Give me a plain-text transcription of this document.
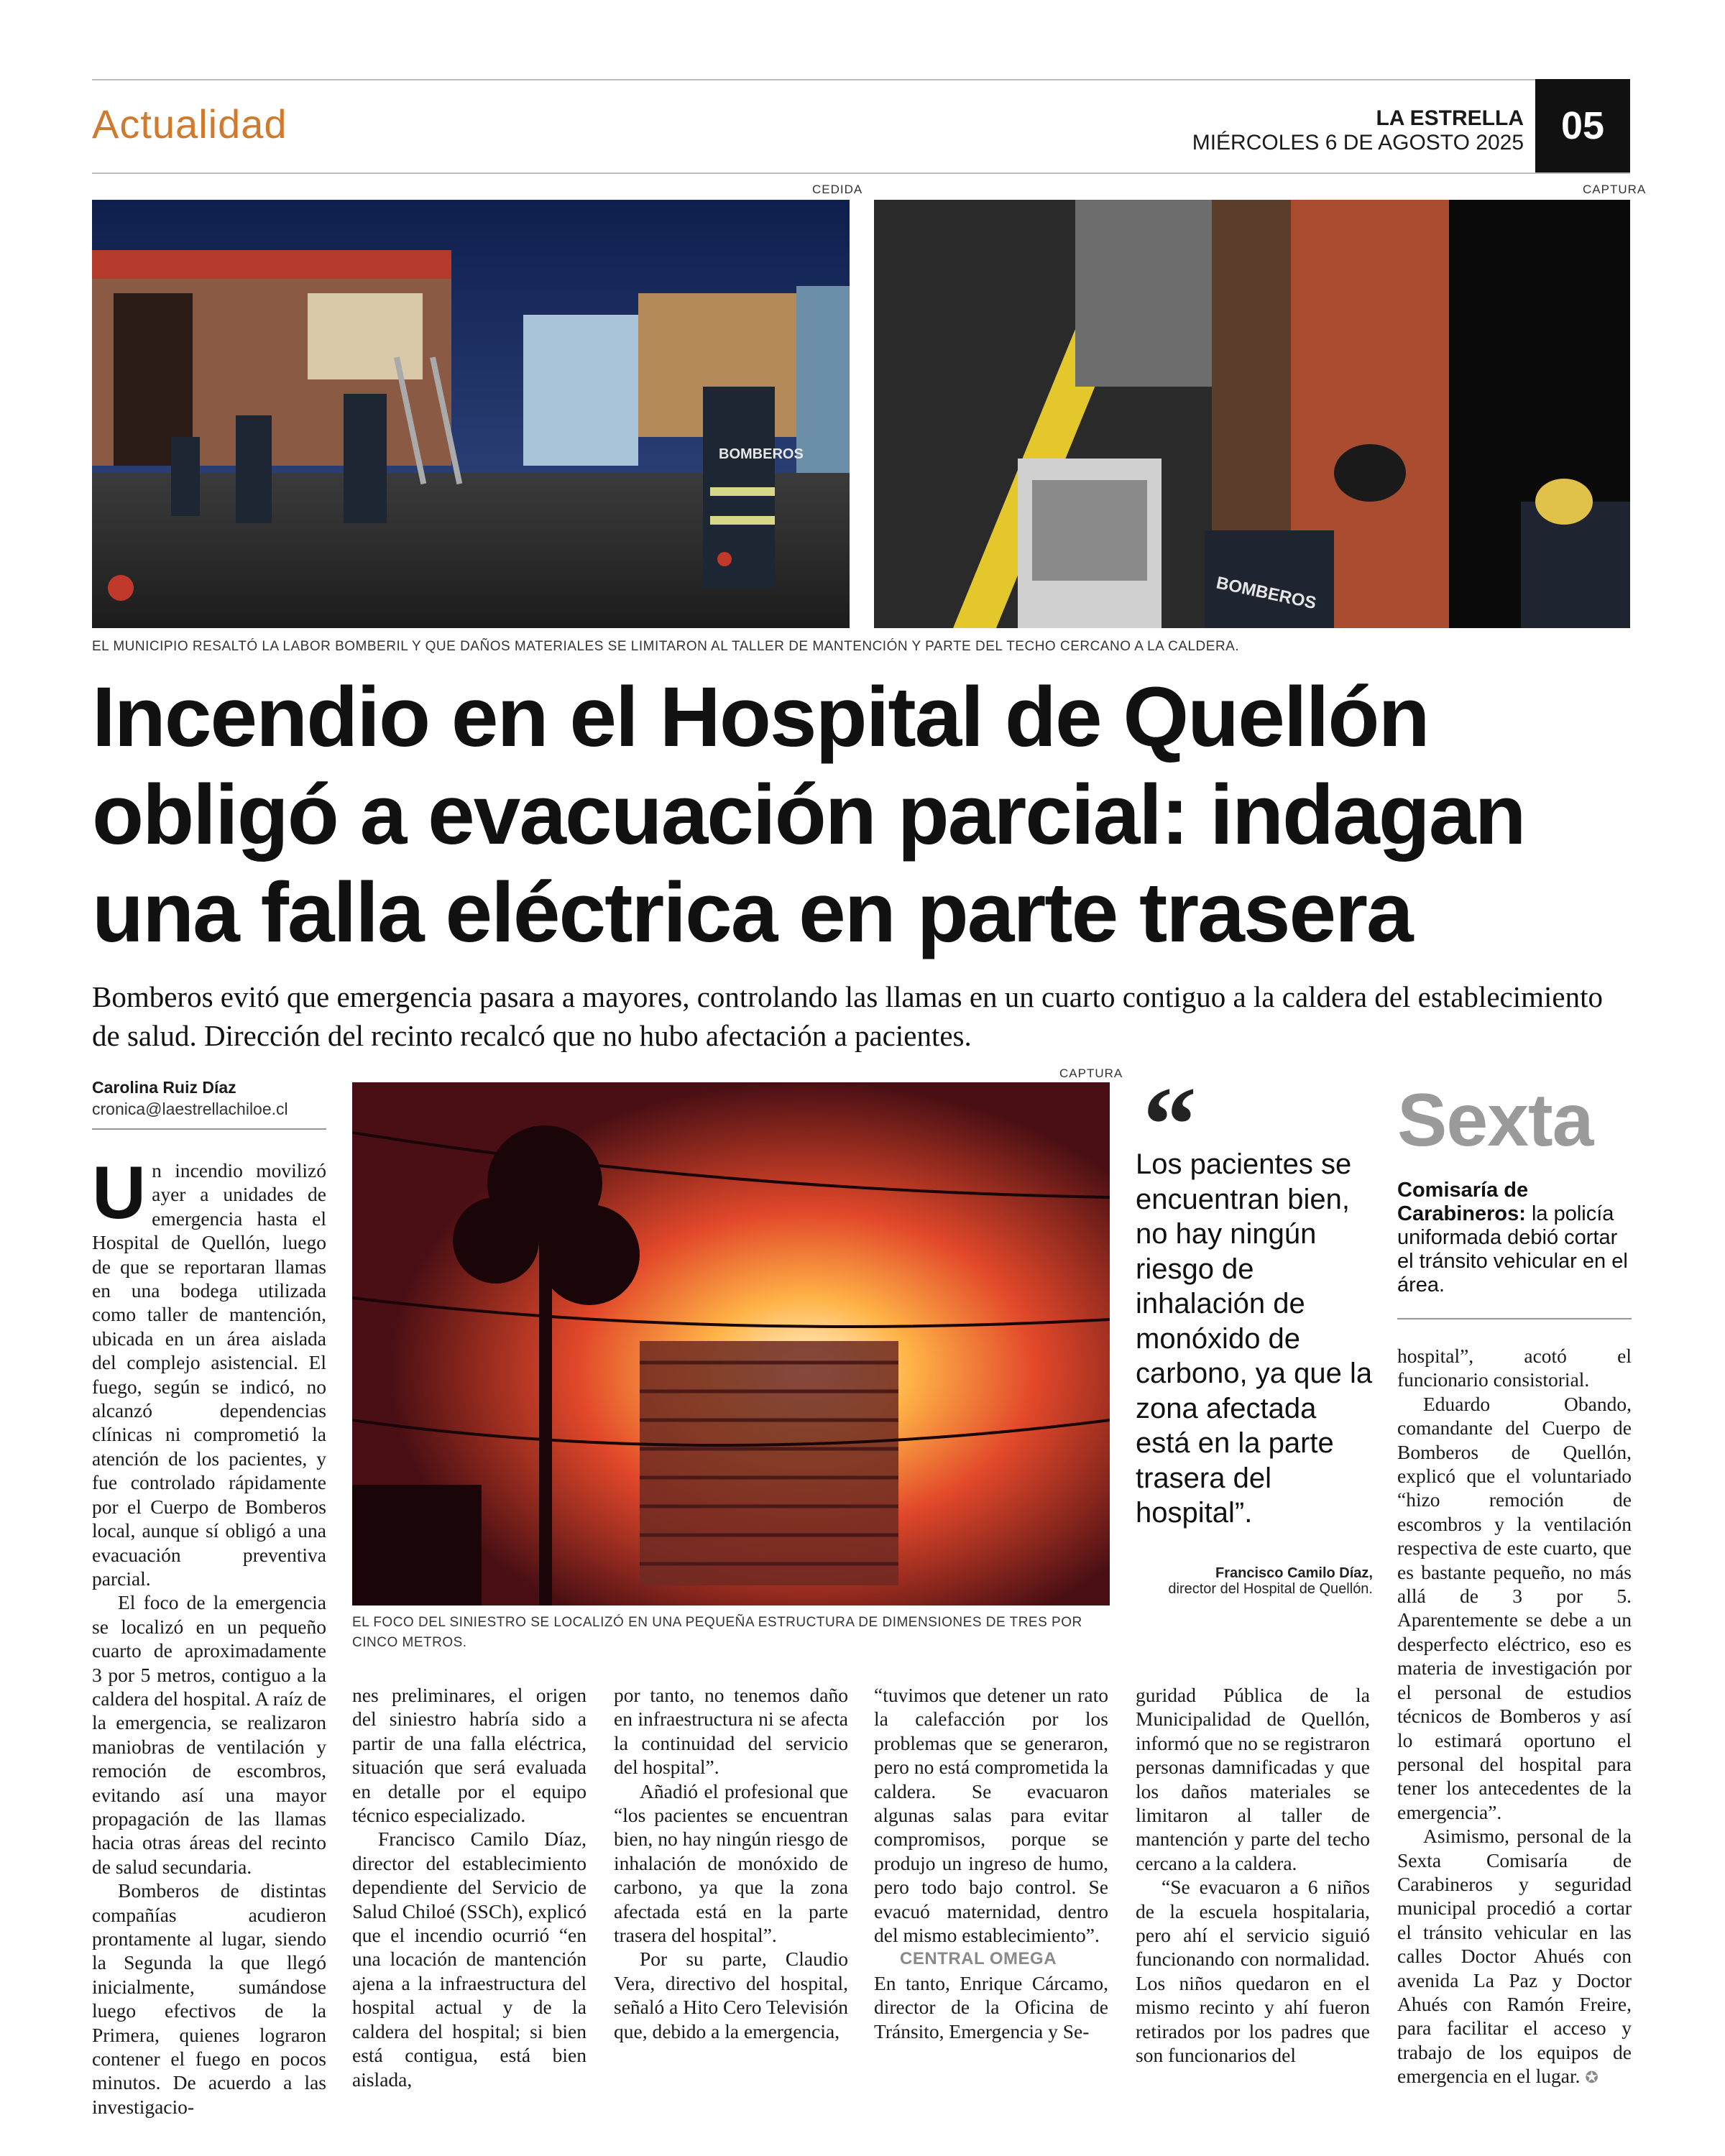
Actualidad	LA ESTRELLA
MIÉRCOLES 6 DE AGOSTO 2025 05
CEDIDA	CAPTURA
BOMBEROS
BOMBEROS
EL MUNICIPIO RESALTÓ LA LABOR BOMBERIL Y QUE DAÑOS MATERIALES SE LIMITARON AL TALLER DE MANTENCIÓN Y PARTE DEL TECHO CERCANO A LA CALDERA.
Incendio en el Hospital de Quellón obligó a evacuación parcial: indagan una falla eléctrica en parte trasera
Bomberos evitó que emergencia pasara a mayores, controlando las llamas en un cuarto contiguo a la caldera del establecimiento de salud. Dirección del recinto recalcó que no hubo afectación a pacientes.
Carolina Ruiz Díaz
cronica@laestrellachiloe.cl
CAPTURA
EL FOCO DEL SINIESTRO SE LOCALIZÓ EN UNA PEQUEÑA ESTRUCTURA DE DIMENSIONES DE TRES POR CINCO METROS.
“
Los pacientes se encuentran bien, no hay ningún riesgo de inhalación de monóxido de carbono, ya que la zona afectada está en la parte trasera del hospital”.
Francisco Camilo Díaz,
director del Hospital de Quellón.
Sexta
Comisaría de Carabineros: la policía uniformada debió cortar el tránsito vehicular en el área.

Un incendio movilizó ayer a unidades de emergencia hasta el Hospital de Quellón, luego de que se reportaran llamas en una bodega utilizada como taller de mantención, ubicada en un área aislada del complejo asistencial. El fuego, según se indicó, no alcanzó dependencias clínicas ni comprometió la atención de los pacientes, y fue controlado rápidamente por el Cuerpo de Bomberos local, aunque sí obligó a una evacuación preventiva parcial.

El foco de la emergencia se localizó en un pequeño cuarto de aproximadamente 3 por 5 metros, contiguo a la caldera del hospital. A raíz de la emergencia, se realizaron maniobras de ventilación y remoción de escombros, evitando así una mayor propagación de las llamas hacia otras áreas del recinto de salud secundaria.

Bomberos de distintas compañías acudieron prontamente al lugar, siendo la Segunda la que llegó inicialmente, sumándose luego efectivos de la Primera, quienes lograron contener el fuego en pocos minutos. De acuerdo a las investigacio-

nes preliminares, el origen del siniestro habría sido a partir de una falla eléctrica, situación que será evaluada en detalle por el equipo técnico especializado.

Francisco Camilo Díaz, director del establecimiento dependiente del Servicio de Salud Chiloé (SSCh), explicó que el incendio ocurrió “en una locación de mantención ajena a la infraestructura del hospital actual y de la caldera del hospital; si bien está contigua, está bien aislada,

por tanto, no tenemos daño en infraestructura ni se afecta la continuidad del servicio del hospital”.

Añadió el profesional que “los pacientes se encuentran bien, no hay ningún riesgo de inhalación de monóxido de carbono, ya que la zona afectada está en la parte trasera del hospital”.

Por su parte, Claudio Vera, directivo del hospital, señaló a Hito Cero Televisión que, debido a la emergencia,

“tuvimos que detener un rato la calefacción por los problemas que se generaron, pero no está comprometida la caldera. Se evacuaron algunas salas para evitar compromisos, porque se produjo un ingreso de humo, pero todo bajo control. Se evacuó maternidad, dentro del mismo establecimiento”.

CENTRAL OMEGA

En tanto, Enrique Cárcamo, director de la Oficina de Tránsito, Emergencia y Se-

guridad Pública de la Municipalidad de Quellón, informó que no se registraron personas damnificadas y que los daños materiales se limitaron al taller de mantención y parte del techo cercano a la caldera.

“Se evacuaron a 6 niños de la escuela hospitalaria, pero ahí el servicio siguió funcionando con normalidad. Los niños quedaron en el mismo recinto y ahí fueron retirados por los padres que son funcionarios del

hospital”, acotó el funcionario consistorial.

Eduardo Obando, comandante del Cuerpo de Bomberos de Quellón, explicó que el voluntariado “hizo remoción de escombros y la ventilación respectiva de este cuarto, que es bastante pequeño, no más allá de 3 por 5. Aparentemente se debe a un desperfecto eléctrico, eso es materia de investigación por el personal de estudios técnicos de Bomberos y así lo estimará oportuno el personal del hospital para tener los antecedentes de la emergencia”.

Asimismo, personal de la Sexta Comisaría de Carabineros y seguridad municipal procedió a cortar el tránsito vehicular en las calles Doctor Ahués con avenida La Paz y Doctor Ahués con Ramón Freire, para facilitar el acceso y trabajo de los equipos de emergencia en el lugar. ✪
